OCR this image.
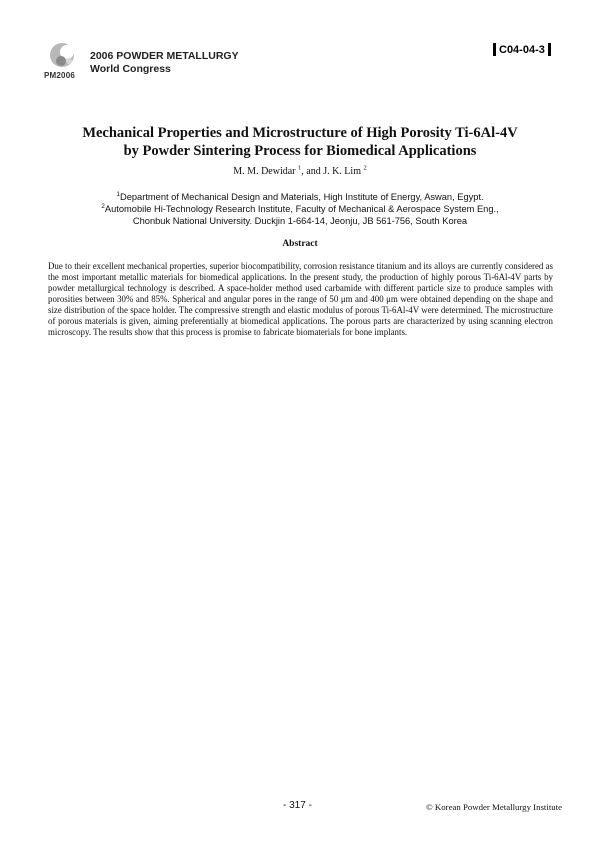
PM2006
2006 POWDER METALLURGY
World Congress
C04-04-3
Mechanical Properties and Microstructure of High Porosity Ti-6Al-4V
by Powder Sintering Process for Biomedical Applications
M. M. Dewidar $^1$, and J. K. Lim $^2$
$^1$Department of Mechanical Design and Materials, High Institute of Energy, Aswan, Egypt.
$^2$Automobile Hi-Technology Research Institute, Faculty of Mechanical & Aerospace System Eng.,
Chonbuk National University. Duckjin 1-664-14, Jeonju, JB 561-756, South Korea
Abstract
Due to their excellent mechanical properties, superior biocompatibility, corrosion resistance titanium and its alloys are currently considered as the most important metallic materials for biomedical applications. In the present study, the production of highly porous Ti-6Al-4V parts by powder metallurgical technology is described. A space-holder method used carbamide with different particle size to produce samples with porosities between 30% and 85%. Spherical and angular pores in the range of 50 μm and 400 μm were obtained depending on the shape and size distribution of the space holder. The compressive strength and elastic modulus of porous Ti-6Al-4V were determined. The microstructure of porous materials is given, aiming preferentially at biomedical applications. The porous parts are characterized by using scanning electron microscopy. The results show that this process is promise to fabricate biomaterials for bone implants.
- 317 -	© Korean Powder Metallurgy Institute
